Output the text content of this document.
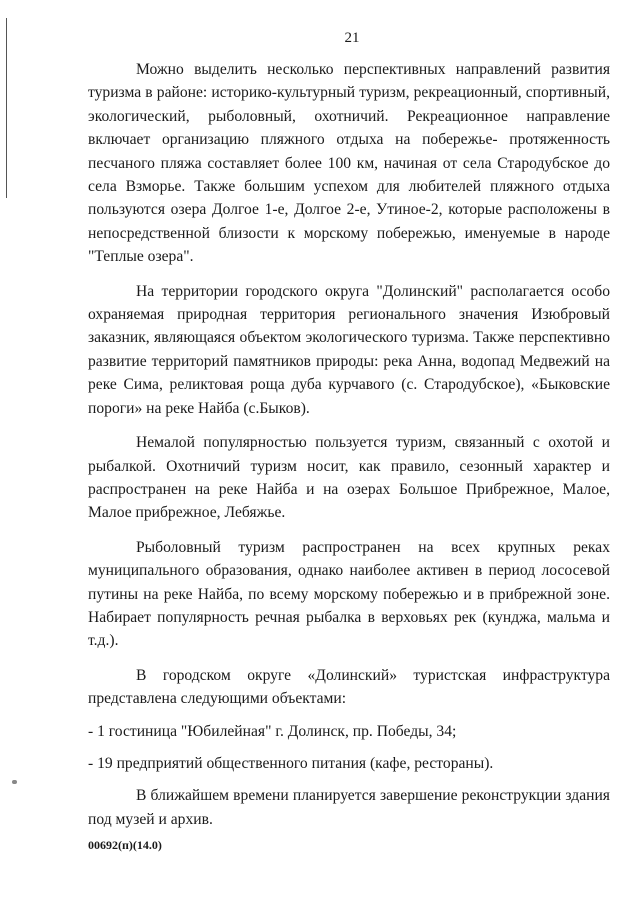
21

Можно выделить несколько перспективных направлений развития туризма в районе: историко-культурный туризм, рекреационный, спортивный, экологический, рыболовный, охотничий. Рекреационное направление включает организацию пляжного отдыха на побережье- протяженность песчаного пляжа составляет более 100 км, начиная от села Стародубское до села Взморье. Также большим успехом для любителей пляжного отдыха пользуются озера Долгое 1-е, Долгое 2-е, Утиное-2, которые расположены в непосредственной близости к морскому побережью, именуемые в народе "Теплые озера".

На территории городского округа "Долинский" располагается особо охраняемая природная территория регионального значения Изюбровый заказник, являющаяся объектом экологического туризма. Также перспективно развитие территорий памятников природы: река Анна, водопад Медвежий на реке Сима, реликтовая роща дуба курчавого (с. Стародубское), «Быковские пороги» на реке Найба (с.Быков).

Немалой популярностью пользуется туризм, связанный с охотой и рыбалкой. Охотничий туризм носит, как правило, сезонный характер и распространен на реке Найба и на озерах Большое Прибрежное, Малое, Малое прибрежное, Лебяжье.

Рыболовный туризм распространен на всех крупных реках муниципального образования, однако наиболее активен в период лососевой путины на реке Найба, по всему морскому побережью и в прибрежной зоне. Набирает популярность речная рыбалка в верховьях рек (кунджа, мальма и т.д.).

В городском округе «Долинский» туристская инфраструктура представлена следующими объектами:

- 1 гостиница "Юбилейная" г. Долинск, пр. Победы, 34;

- 19 предприятий общественного питания (кафе, рестораны).

В ближайшем времени планируется завершение реконструкции здания под музей и архив.

00692(п)(14.0)
